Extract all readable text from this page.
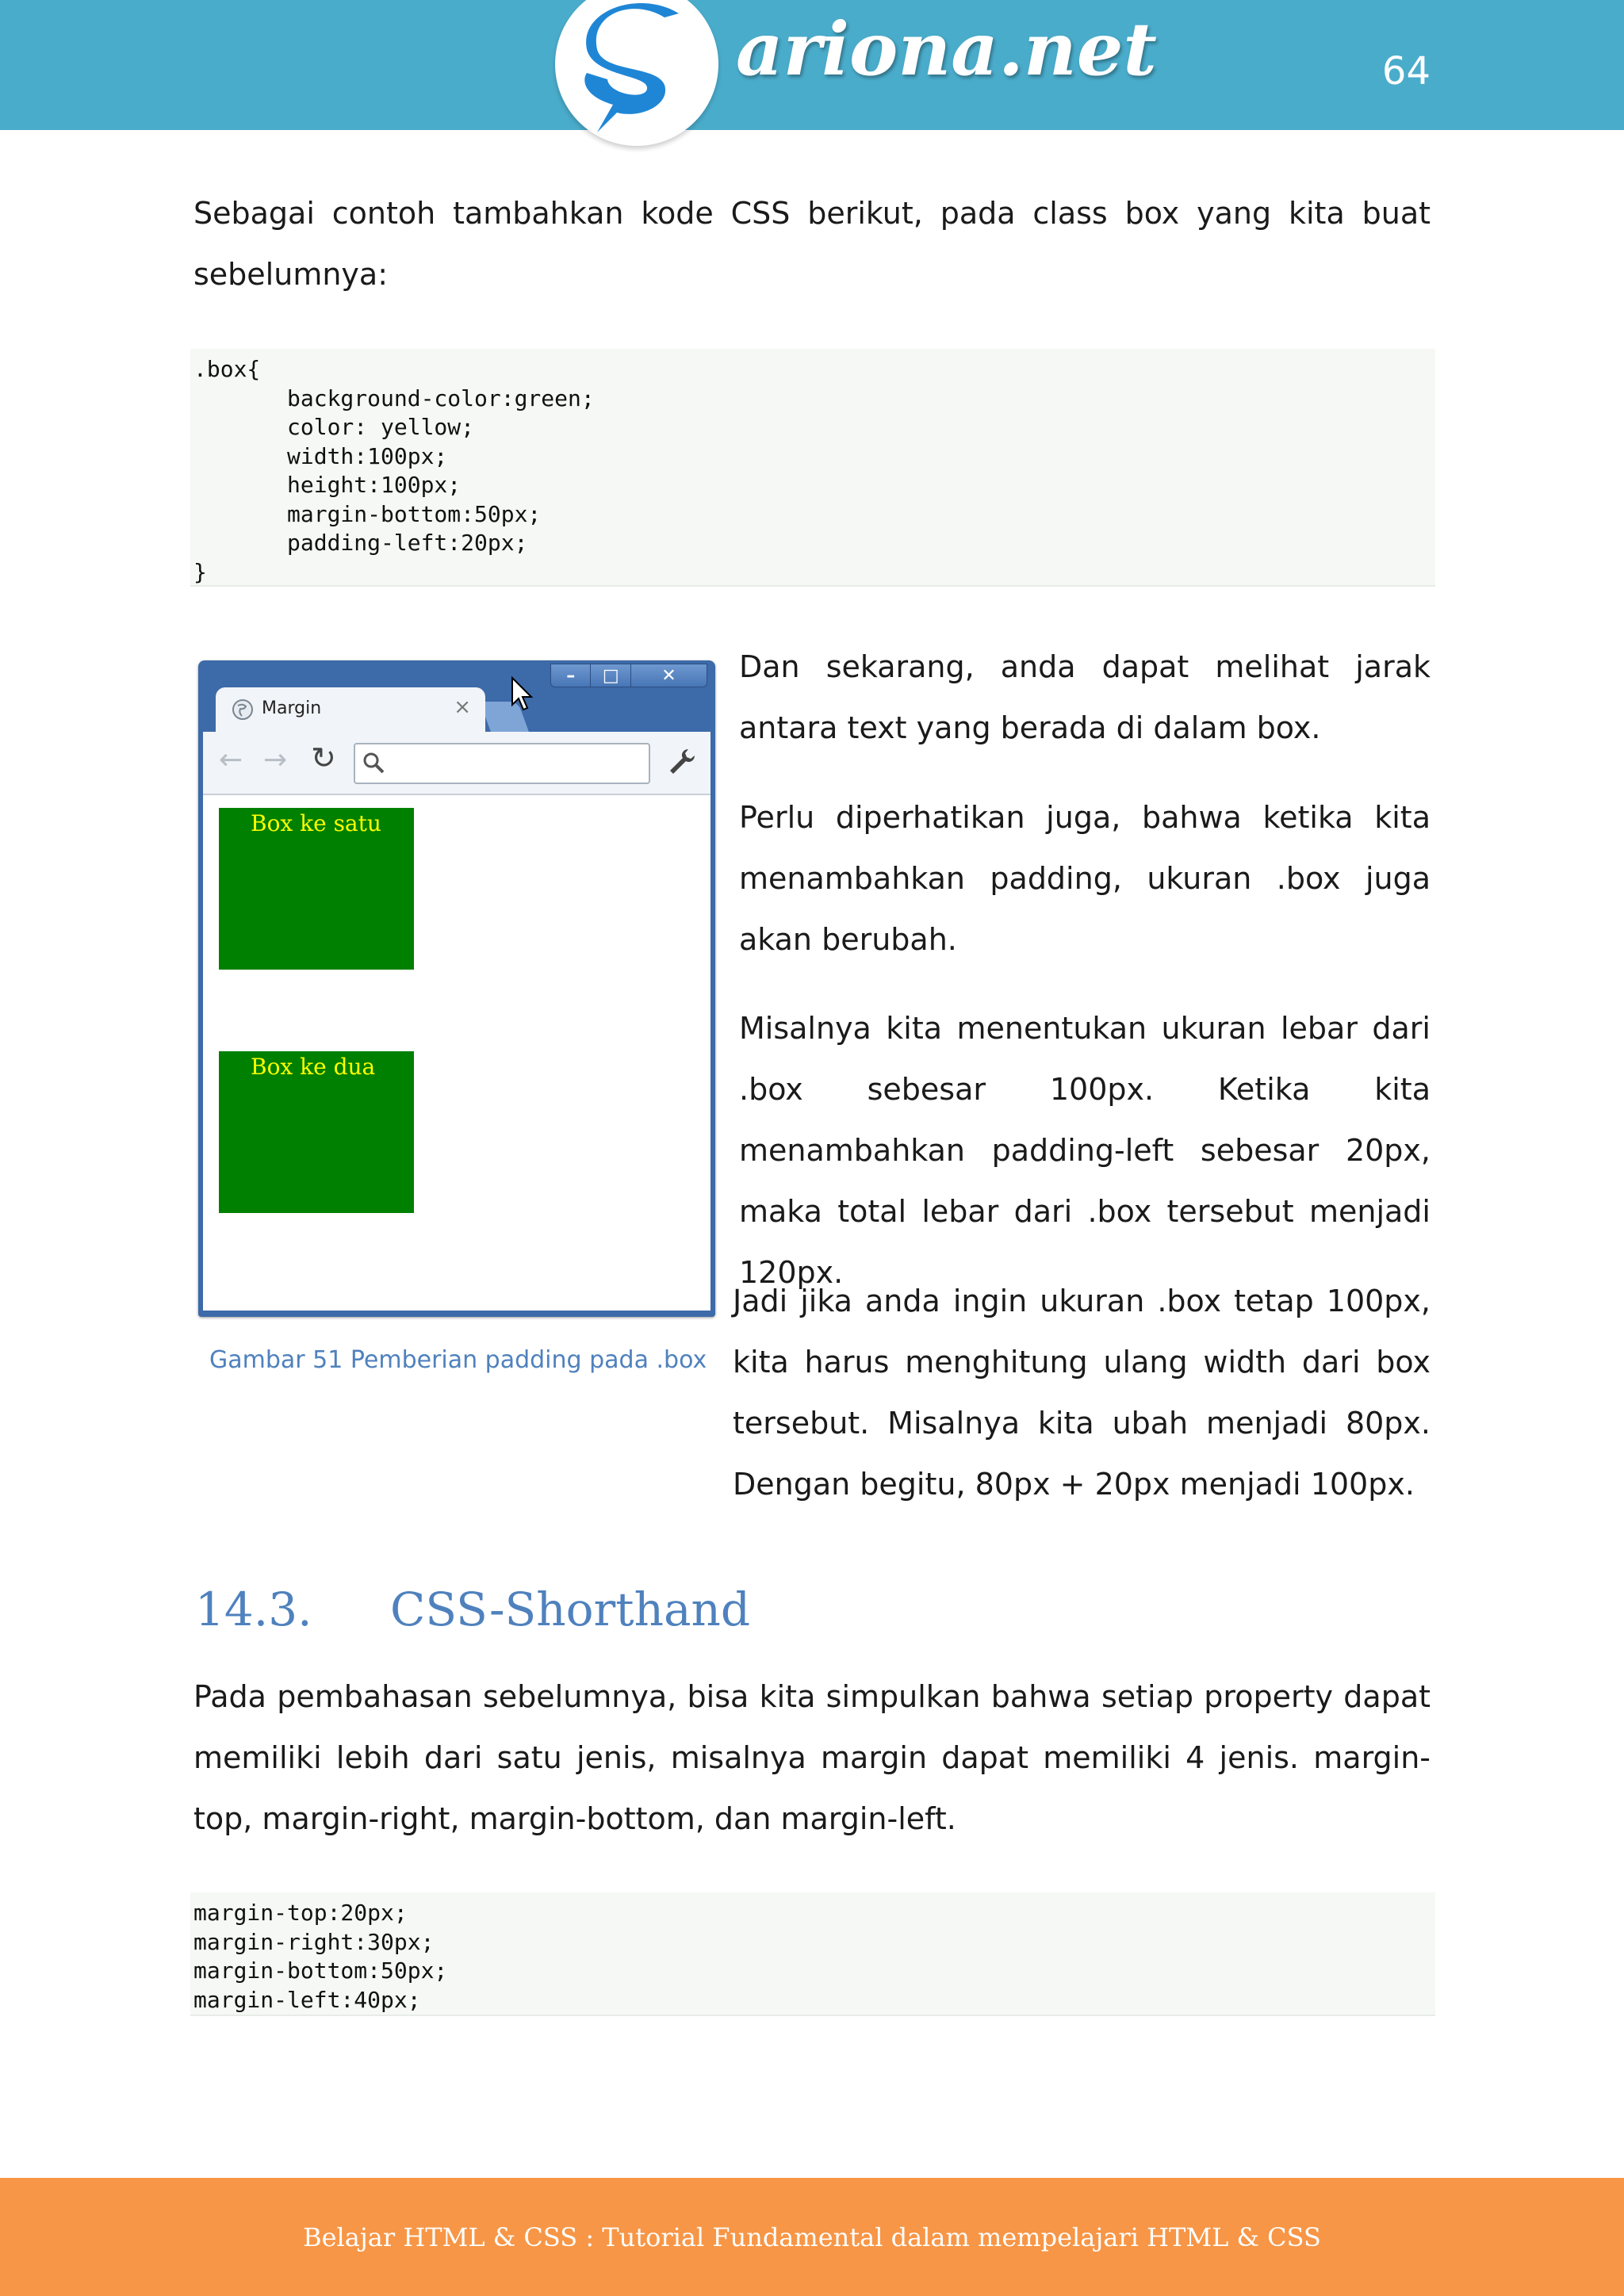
ariona.net	64

Sebagai contoh tambahkan kode CSS berikut, pada class box yang kita buat sebelumnya:

.box{
background-color:green;
color: yellow;
width:100px;
height:100px;
margin-bottom:50px;
padding-left:20px;
}
–	□	✕
Margin	×
← → ↻
Box ke satu
Box ke dua
Gambar 51 Pemberian padding pada .box

Dan sekarang, anda dapat melihat jarak antara text yang berada di dalam box.

Perlu diperhatikan juga, bahwa ketika kita menambahkan padding, ukuran .box juga akan berubah.

Misalnya kita menentukan ukuran lebar dari .box sebesar 100px. Ketika kita menambahkan padding-left sebesar 20px, maka total lebar dari .box tersebut menjadi 120px.

Jadi jika anda ingin ukuran .box tetap 100px, kita harus menghitung ulang width dari box tersebut. Misalnya kita ubah menjadi 80px. Dengan begitu, 80px + 20px menjadi 100px.

14.3. CSS-Shorthand

Pada pembahasan sebelumnya, bisa kita simpulkan bahwa setiap property dapat memiliki lebih dari satu jenis, misalnya margin dapat memiliki 4 jenis. margin-top, margin-right, margin-bottom, dan margin-left.

margin-top:20px;
margin-right:30px;
margin-bottom:50px;
margin-left:40px;
Belajar HTML & CSS : Tutorial Fundamental dalam mempelajari HTML & CSS
